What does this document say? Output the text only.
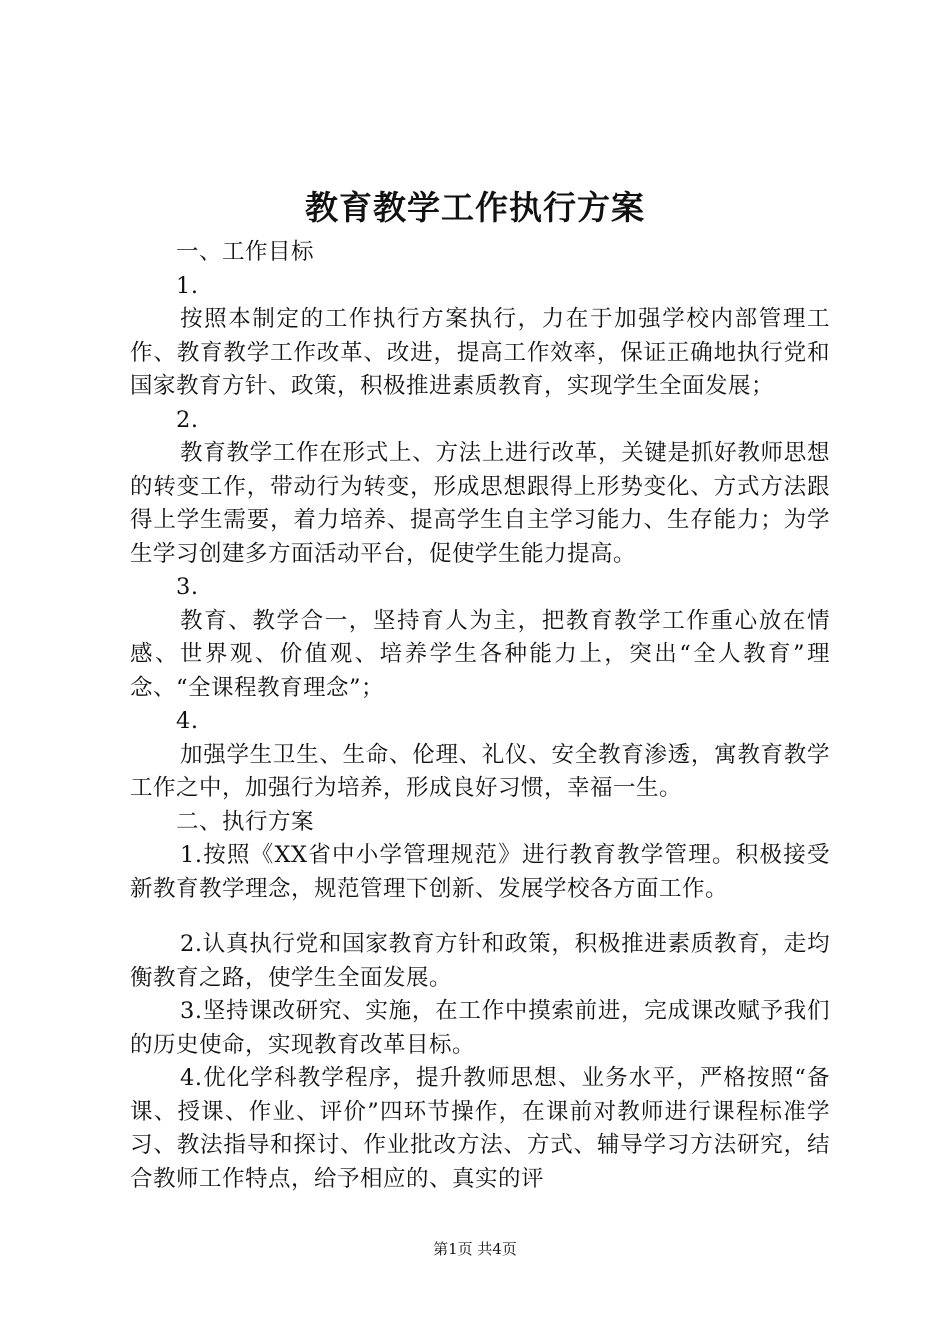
教育教学工作执行方案

一、工作目标

1.

按照本制定的工作执行方案执行，力在于加强学校内部管理工作、教育教学工作改革、改进，提高工作效率，保证正确地执行党和国家教育方针、政策，积极推进素质教育，实现学生全面发展；

2.

教育教学工作在形式上、方法上进行改革，关键是抓好教师思想的转变工作，带动行为转变，形成思想跟得上形势变化、方式方法跟得上学生需要，着力培养、提高学生自主学习能力、生存能力；为学生学习创建多方面活动平台，促使学生能力提高。

3.

教育、教学合一，坚持育人为主，把教育教学工作重心放在情感、世界观、价值观、培养学生各种能力上，突出“全人教育”理念、“全课程教育理念”；

4.

加强学生卫生、生命、伦理、礼仪、安全教育渗透，寓教育教学工作之中，加强行为培养，形成良好习惯，幸福一生。

二、执行方案

1.按照《XX省中小学管理规范》进行教育教学管理。积极接受新教育教学理念，规范管理下创新、发展学校各方面工作。

2.认真执行党和国家教育方针和政策，积极推进素质教育，走均衡教育之路，使学生全面发展。

3.坚持课改研究、实施，在工作中摸索前进，完成课改赋予我们的历史使命，实现教育改革目标。

4.优化学科教学程序，提升教师思想、业务水平，严格按照“备课、授课、作业、评价”四环节操作，在课前对教师进行课程标准学习、教法指导和探讨、作业批改方法、方式、辅导学习方法研究，结合教师工作特点，给予相应的、真实的评

第1页 共4页
